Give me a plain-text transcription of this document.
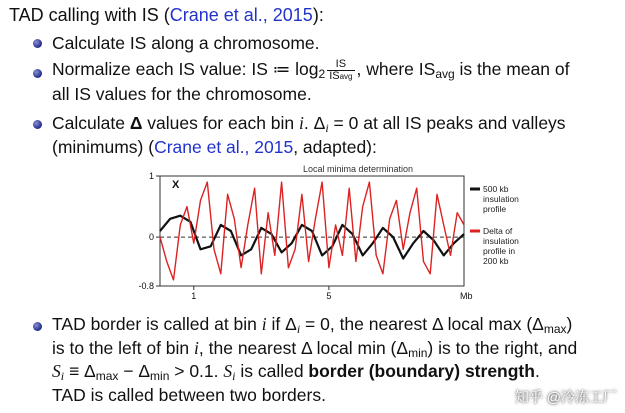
TAD calling with IS (Crane et al., 2015):
Calculate IS along a chromosome.
Normalize each IS value: IS ≔ $\log_2 \frac{IS}{\text{ISavg}}$ , where $IS_{avg}$ is the mean of
all IS values for the chromosome.
Calculate Δ values for each bin i. $\Delta_i = 0$ at all IS peaks and valleys
(minimums) (Crane et al., 2015, adapted):
Local minima determination
X
1
0
-0.8
1	5	Mb
500 kb insulation profile
Delta of insulation profile in 200 kb
TAD border is called at bin i if $\Delta_i = 0$, the nearest Δ local $\max (\Delta_{max})$
is to the left of bin i, the nearest Δ local $\min (\Delta_{min})$ is to the right, and
$S_i \equiv \Delta_{max} - \Delta_{min} > 0.1$. $S_i$ is called border (boundary) strength.
TAD is called between two borders.	知乎 @冷冻工厂
